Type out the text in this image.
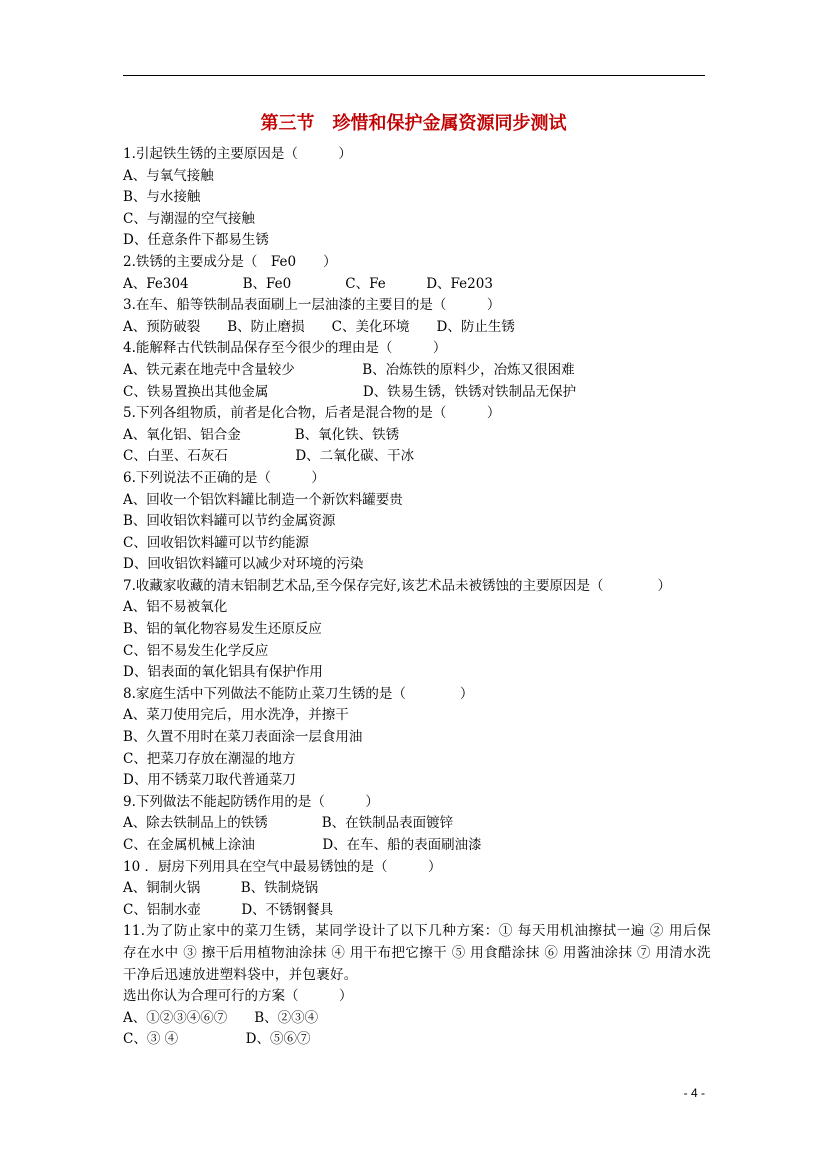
第三节　珍惜和保护金属资源同步测试
1.引起铁生锈的主要原因是（　　　）
A、与氧气接触
B、与水接触
C、与潮湿的空气接触
D、任意条件下都易生锈
2.铁锈的主要成分是（　Fe0　　）
A、Fe304　　　　B、Fe0　　　　C、Fe　　　D、Fe203
3.在车、船等铁制品表面刷上一层油漆的主要目的是（　　　）
A、预防破裂　　B、防止磨损　　C、美化环境　　D、防止生锈
4.能解释古代铁制品保存至今很少的理由是（　　　）
A、铁元素在地壳中含量较少　　　　　B、冶炼铁的原料少，冶炼又很困难
C、铁易置换出其他金属　　　　　　　D、铁易生锈，铁锈对铁制品无保护
5.下列各组物质，前者是化合物，后者是混合物的是（　　　）
A、氧化铝、铝合金　　　　B、氧化铁、铁锈
C、白垩、石灰石　　　　　D、二氧化碳、干冰
6.下列说法不正确的是（　　　）
A、回收一个铝饮料罐比制造一个新饮料罐要贵
B、回收铝饮料罐可以节约金属资源
C、回收铝饮料罐可以节约能源
D、回收铝饮料罐可以减少对环境的污染
7.收藏家收藏的清末铝制艺术品,至今保存完好,该艺术品未被锈蚀的主要原因是（　　　　）
A、铝不易被氧化
B、铝的氧化物容易发生还原反应
C、铝不易发生化学反应
D、铝表面的氧化铝具有保护作用
8.家庭生活中下列做法不能防止菜刀生锈的是（　　　　）
A、菜刀使用完后，用水洗净，并擦干
B、久置不用时在菜刀表面涂一层食用油
C、把菜刀存放在潮湿的地方
D、用不锈菜刀取代普通菜刀
9.下列做法不能起防锈作用的是（　　　）
A、除去铁制品上的铁锈　　　　B、在铁制品表面镀锌
C、在金属机械上涂油　　　　　D、在车、船的表面刷油漆
10 ．厨房下列用具在空气中最易锈蚀的是（　　　）
A、铜制火锅　　　B、铁制烧锅
C、铝制水壶　　　D、不锈钢餐具
11.为了防止家中的菜刀生锈，某同学设计了以下几种方案：① 每天用机油擦拭一遍 ② 用后保存在水中 ③ 擦干后用植物油涂抹 ④ 用干布把它擦干 ⑤ 用食醋涂抹 ⑥ 用酱油涂抹 ⑦ 用清水洗干净后迅速放进塑料袋中，并包裹好。
选出你认为合理可行的方案（　　　）
A、①②③④⑥⑦　　B、②③④
C、③ ④　　　　　D、⑤⑥⑦
- 4 -
